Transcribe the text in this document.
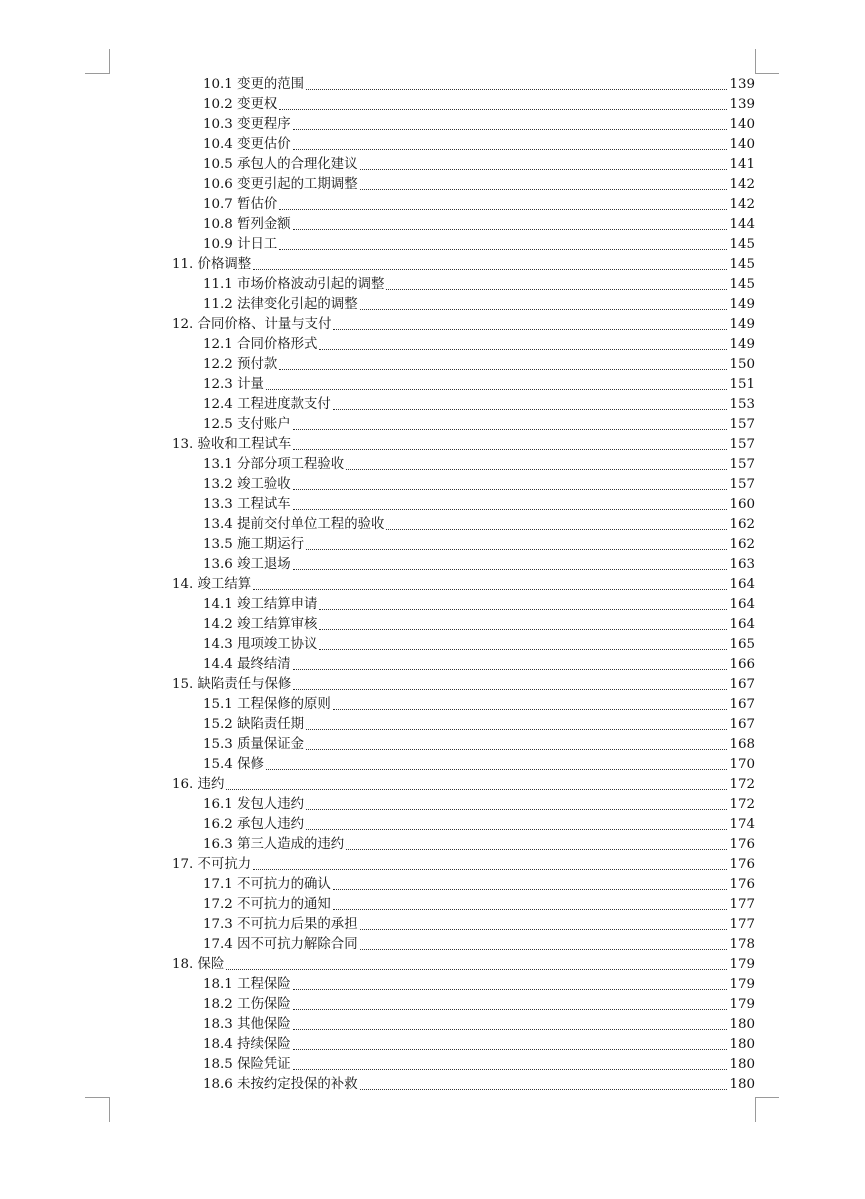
10.1 变更的范围	139
10.2 变更权	139
10.3 变更程序	140
10.4 变更估价	140
10.5 承包人的合理化建议	141
10.6 变更引起的工期调整	142
10.7 暂估价	142
10.8 暂列金额	144
10.9 计日工	145
11. 价格调整	145
11.1 市场价格波动引起的调整	145
11.2 法律变化引起的调整	149
12. 合同价格、计量与支付	149
12.1 合同价格形式	149
12.2 预付款	150
12.3 计量	151
12.4 工程进度款支付	153
12.5 支付账户	157
13. 验收和工程试车	157
13.1 分部分项工程验收	157
13.2 竣工验收	157
13.3 工程试车	160
13.4 提前交付单位工程的验收	162
13.5 施工期运行	162
13.6 竣工退场	163
14. 竣工结算	164
14.1 竣工结算申请	164
14.2 竣工结算审核	164
14.3 甩项竣工协议	165
14.4 最终结清	166
15. 缺陷责任与保修	167
15.1 工程保修的原则	167
15.2 缺陷责任期	167
15.3 质量保证金	168
15.4 保修	170
16. 违约	172
16.1 发包人违约	172
16.2 承包人违约	174
16.3 第三人造成的违约	176
17. 不可抗力	176
17.1 不可抗力的确认	176
17.2 不可抗力的通知	177
17.3 不可抗力后果的承担	177
17.4 因不可抗力解除合同	178
18. 保险	179
18.1 工程保险	179
18.2 工伤保险	179
18.3 其他保险	180
18.4 持续保险	180
18.5 保险凭证	180
18.6 未按约定投保的补救	180
